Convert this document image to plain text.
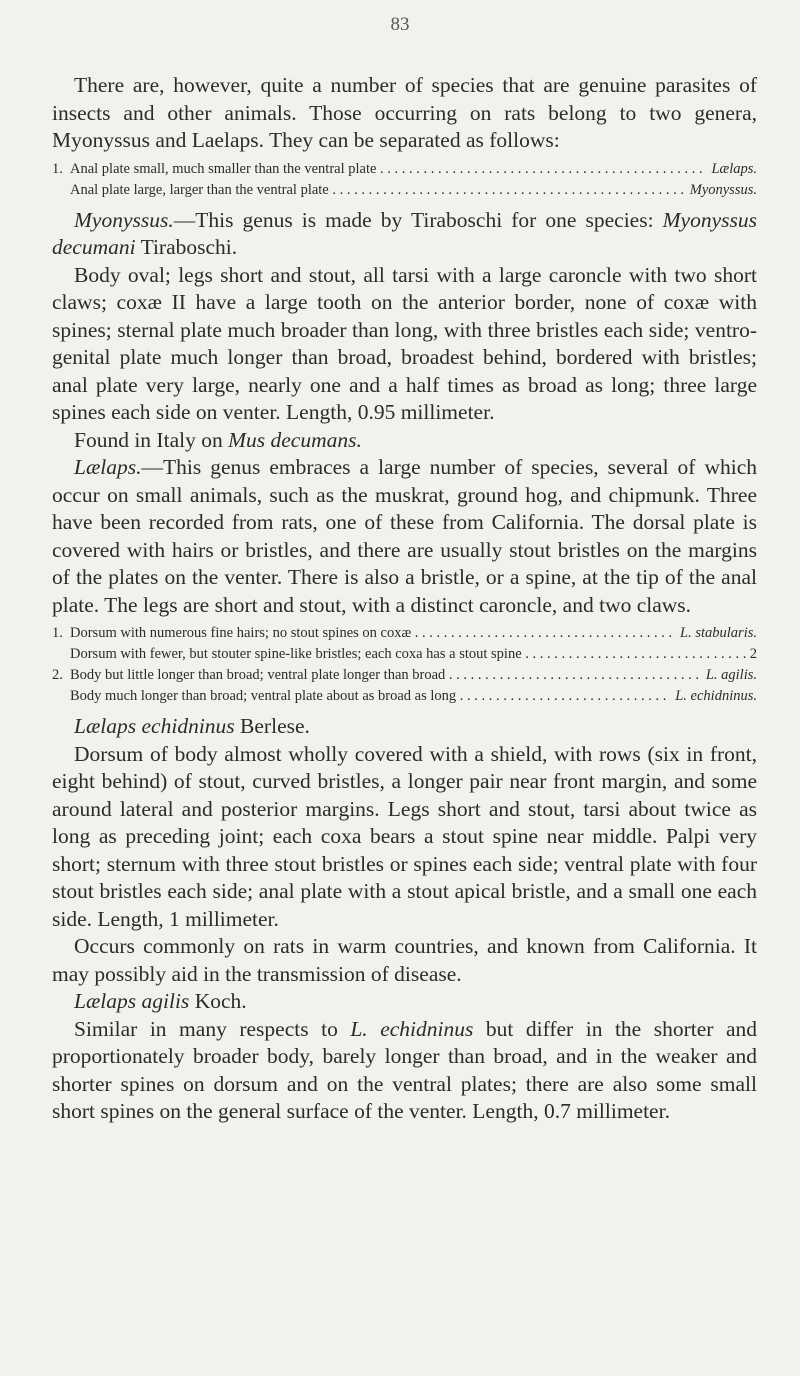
83

There are, however, quite a number of species that are genuine parasites of insects and other animals. Those occurring on rats belong to two genera, Myonyssus and Laelaps. They can be separated as follows:

1. Anal plate small, much smaller than the ventral plate . . .	Lælaps.
Anal plate large, larger than the ventral plate . . .	Myonyssus.

Myonyssus.—This genus is made by Tiraboschi for one species: Myonyssus decumani Tiraboschi.

Body oval; legs short and stout, all tarsi with a large caroncle with two short claws; coxæ II have a large tooth on the anterior border, none of coxæ with spines; sternal plate much broader than long, with three bristles each side; ventro-genital plate much longer than broad, broadest behind, bordered with bristles; anal plate very large, nearly one and a half times as broad as long; three large spines each side on venter. Length, 0.95 millimeter.

Found in Italy on Mus decumans.

Lælaps.—This genus embraces a large number of species, several of which occur on small animals, such as the muskrat, ground hog, and chipmunk. Three have been recorded from rats, one of these from California. The dorsal plate is covered with hairs or bristles, and there are usually stout bristles on the margins of the plates on the venter. There is also a bristle, or a spine, at the tip of the anal plate. The legs are short and stout, with a distinct caroncle, and two claws.

1. Dorsum with numerous fine hairs; no stout spines on coxæ . . .	L. stabularis.
Dorsum with fewer, but stouter spine-like bristles; each coxa has a stout spine . . .	2
2. Body but little longer than broad; ventral plate longer than broad . . .	L. agilis.
Body much longer than broad; ventral plate about as broad as long . . .	L. echidninus.

Lælaps echidninus Berlese.

Dorsum of body almost wholly covered with a shield, with rows (six in front, eight behind) of stout, curved bristles, a longer pair near front margin, and some around lateral and posterior margins. Legs short and stout, tarsi about twice as long as preceding joint; each coxa bears a stout spine near middle. Palpi very short; sternum with three stout bristles or spines each side; ventral plate with four stout bristles each side; anal plate with a stout apical bristle, and a small one each side. Length, 1 millimeter.

Occurs commonly on rats in warm countries, and known from California. It may possibly aid in the transmission of disease.

Lælaps agilis Koch.

Similar in many respects to L. echidninus but differ in the shorter and proportionately broader body, barely longer than broad, and in the weaker and shorter spines on dorsum and on the ventral plates; there are also some small short spines on the general surface of the venter. Length, 0.7 millimeter.
